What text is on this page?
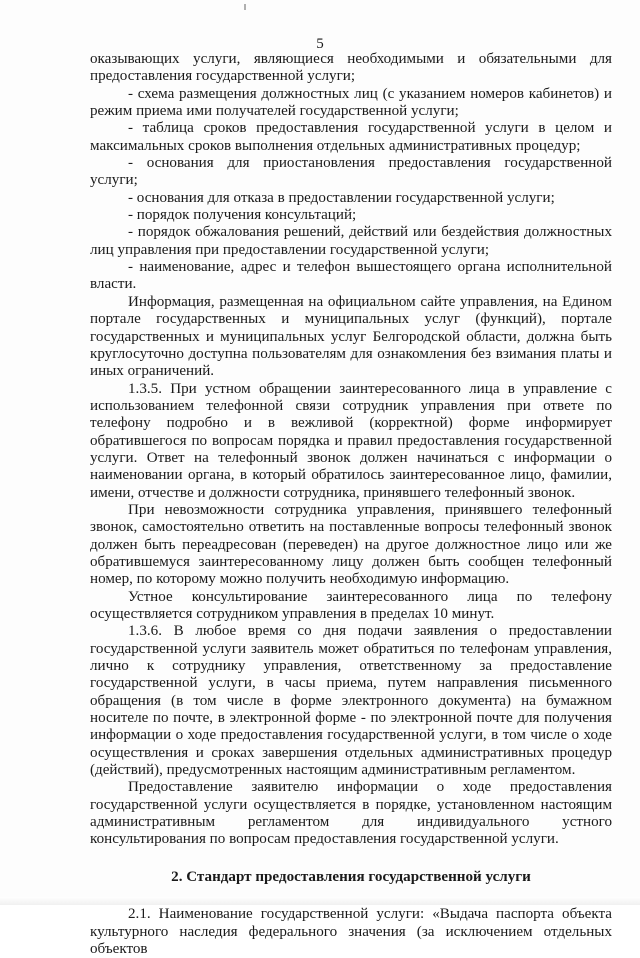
5

оказывающих услуги, являющиеся необходимыми и обязательными для предоставления государственной услуги;

- схема размещения должностных лиц (с указанием номеров кабинетов) и режим приема ими получателей государственной услуги;

- таблица сроков предоставления государственной услуги в целом и максимальных сроков выполнения отдельных административных процедур;

- основания для приостановления предоставления государственной услуги;

- основания для отказа в предоставлении государственной услуги;

- порядок получения консультаций;

- порядок обжалования решений, действий или бездействия должностных лиц управления при предоставлении государственной услуги;

- наименование, адрес и телефон вышестоящего органа исполнительной власти.

Информация, размещенная на официальном сайте управления, на Едином портале государственных и муниципальных услуг (функций), портале государственных и муниципальных услуг Белгородской области, должна быть круглосуточно доступна пользователям для ознакомления без взимания платы и иных ограничений.

1.3.5. При устном обращении заинтересованного лица в управление с использованием телефонной связи сотрудник управления при ответе по телефону подробно и в вежливой (корректной) форме информирует обратившегося по вопросам порядка и правил предоставления государственной услуги. Ответ на телефонный звонок должен начинаться с информации о наименовании органа, в который обратилось заинтересованное лицо, фамилии, имени, отчестве и должности сотрудника, принявшего телефонный звонок.

При невозможности сотрудника управления, принявшего телефонный звонок, самостоятельно ответить на поставленные вопросы телефонный звонок должен быть переадресован (переведен) на другое должностное лицо или же обратившемуся заинтересованному лицу должен быть сообщен телефонный номер, по которому можно получить необходимую информацию.

Устное консультирование заинтересованного лица по телефону осуществляется сотрудником управления в пределах 10 минут.

1.3.6. В любое время со дня подачи заявления о предоставлении государственной услуги заявитель может обратиться по телефонам управления, лично к сотруднику управления, ответственному за предоставление государственной услуги, в часы приема, путем направления письменного обращения (в том числе в форме электронного документа) на бумажном носителе по почте, в электронной форме - по электронной почте для получения информации о ходе предоставления государственной услуги, в том числе о ходе осуществления и сроках завершения отдельных административных процедур (действий), предусмотренных настоящим административным регламентом.

Предоставление заявителю информации о ходе предоставления государственной услуги осуществляется в порядке, установленном настоящим административным регламентом для индивидуального устного консультирования по вопросам предоставления государственной услуги.

2. Стандарт предоставления государственной услуги

2.1. Наименование государственной услуги: «Выдача паспорта объекта культурного наследия федерального значения (за исключением отдельных объектов
